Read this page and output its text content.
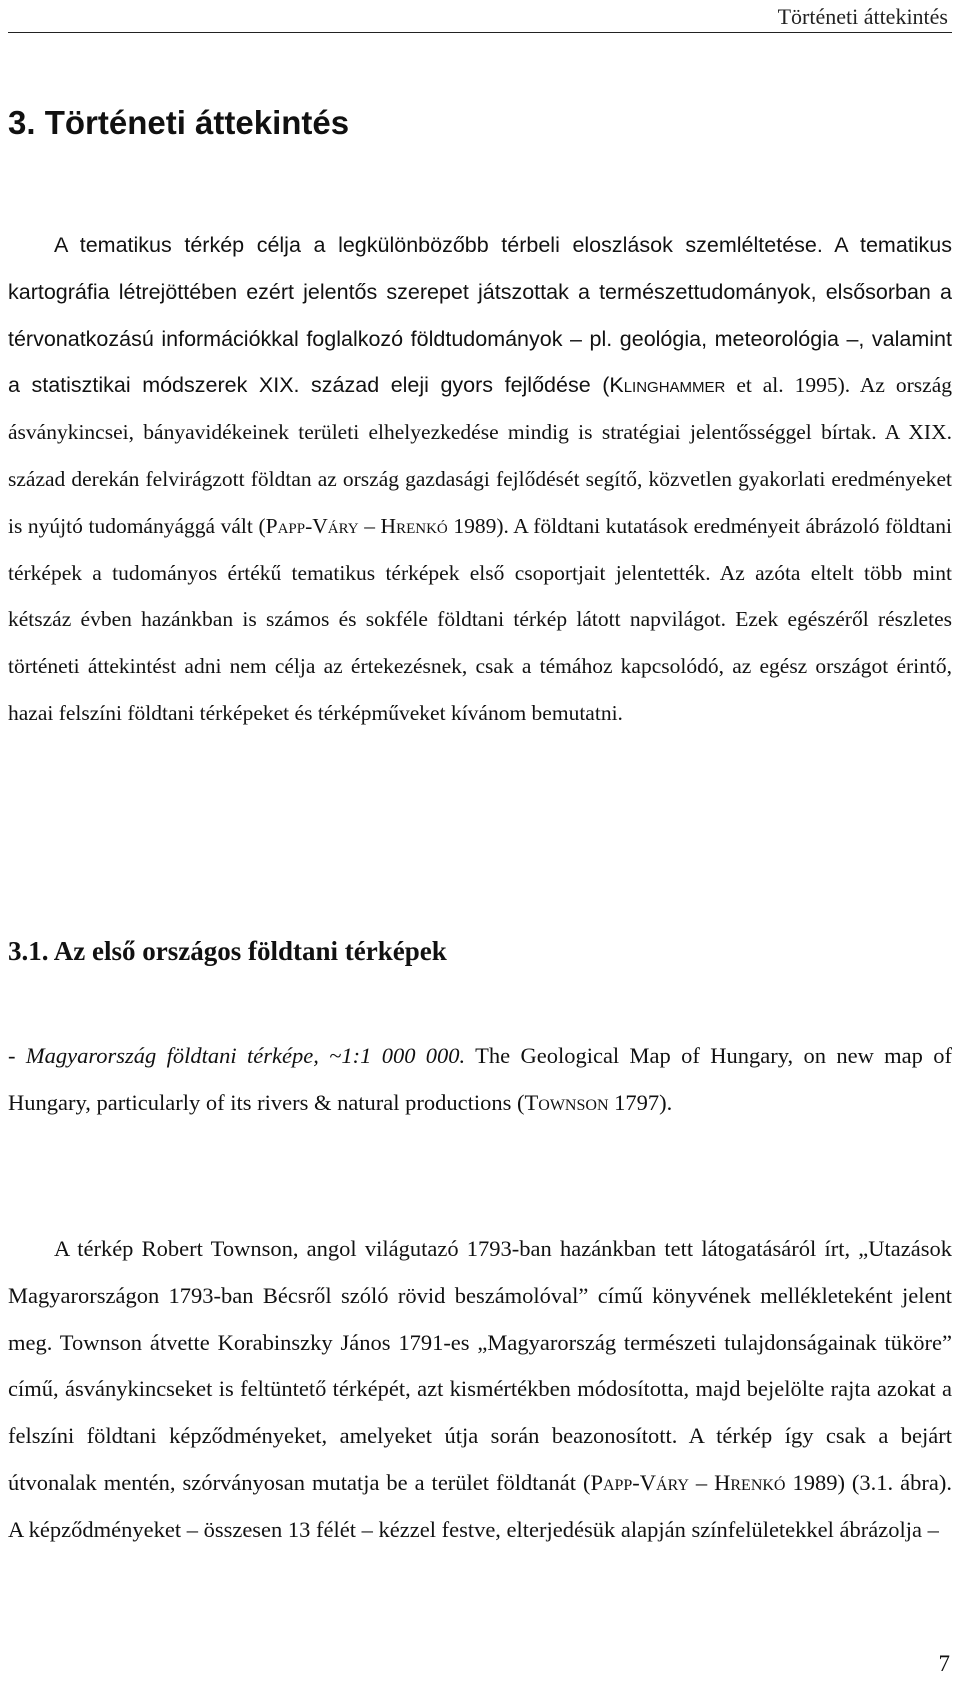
Történeti áttekintés
3. Történeti áttekintés

A tematikus térkép célja a legkülönbözőbb térbeli eloszlások szemléltetése. A tematikus kartográfia létrejöttében ezért jelentős szerepet játszottak a természettudományok, elsősorban a térvonatkozású információkkal foglalkozó földtudományok – pl. geológia, meteorológia –, valamint a statisztikai módszerek XIX. század eleji gyors fejlődése (Klinghammer et al. 1995). Az ország ásványkincsei, bányavidékeinek területi elhelyezkedése mindig is stratégiai jelentősséggel bírtak. A XIX. század derekán felvirágzott földtan az ország gazdasági fejlődését segítő, közvetlen gyakorlati eredményeket is nyújtó tudományággá vált (Papp-Váry – Hrenkó 1989). A földtani kutatások eredményeit ábrázoló földtani térképek a tudományos értékű tematikus térképek első csoportjait jelentették. Az azóta eltelt több mint kétszáz évben hazánkban is számos és sokféle földtani térkép látott napvilágot. Ezek egészéről részletes történeti áttekintést adni nem célja az értekezésnek, csak a témához kapcsolódó, az egész országot érintő, hazai felszíni földtani térképeket és térképműveket kívánom bemutatni.

3.1. Az első országos földtani térképek

- Magyarország földtani térképe, ~1:1 000 000. The Geological Map of Hungary, on new map of Hungary, particularly of its rivers & natural productions (Townson 1797).

A térkép Robert Townson, angol világutazó 1793-ban hazánkban tett látogatásáról írt, „Utazások Magyarországon 1793-ban Bécsről szóló rövid beszámolóval” című könyvének mellékleteként jelent meg. Townson átvette Korabinszky János 1791-es „Magyarország természeti tulajdonságainak tüköre” című, ásványkincseket is feltüntető térképét, azt kismértékben módosította, majd bejelölte rajta azokat a felszíni földtani képződményeket, amelyeket útja során beazonosított. A térkép így csak a bejárt útvonalak mentén, szórványosan mutatja be a terület földtanát (Papp-Váry – Hrenkó 1989) (3.1. ábra). A képződményeket – összesen 13 félét – kézzel festve, elterjedésük alapján színfelületekkel ábrázolja –

7
